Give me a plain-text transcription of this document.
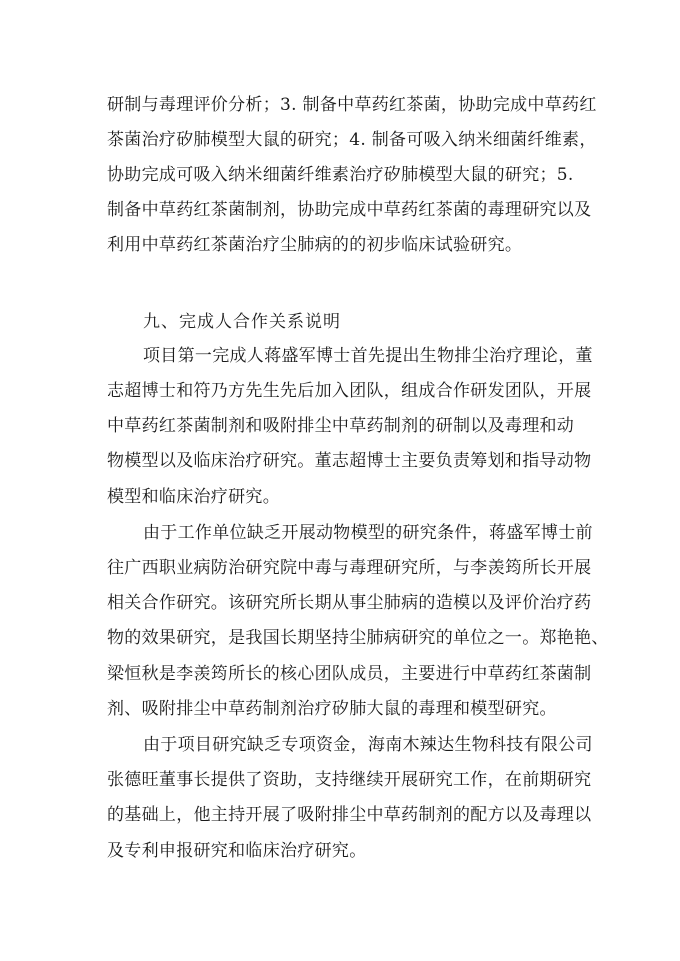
研制与毒理评价分析；3. 制备中草药红茶菌，协助完成中草药红
茶菌治疗矽肺模型大鼠的研究；4. 制备可吸入纳米细菌纤维素，
协助完成可吸入纳米细菌纤维素治疗矽肺模型大鼠的研究；5.
制备中草药红茶菌制剂，协助完成中草药红茶菌的毒理研究以及
利用中草药红茶菌治疗尘肺病的的初步临床试验研究。
九、完成人合作关系说明
项目第一完成人蒋盛军博士首先提出生物排尘治疗理论，董
志超博士和符乃方先生先后加入团队，组成合作研发团队，开展
中草药红茶菌制剂和吸附排尘中草药制剂的研制以及毒理和动
物模型以及临床治疗研究。董志超博士主要负责筹划和指导动物
模型和临床治疗研究。
由于工作单位缺乏开展动物模型的研究条件，蒋盛军博士前
往广西职业病防治研究院中毒与毒理研究所，与李羡筠所长开展
相关合作研究。该研究所长期从事尘肺病的造模以及评价治疗药
物的效果研究，是我国长期坚持尘肺病研究的单位之一。郑艳艳、
梁恒秋是李羡筠所长的核心团队成员，主要进行中草药红茶菌制
剂、吸附排尘中草药制剂治疗矽肺大鼠的毒理和模型研究。
由于项目研究缺乏专项资金，海南木辣达生物科技有限公司
张德旺董事长提供了资助，支持继续开展研究工作，在前期研究
的基础上，他主持开展了吸附排尘中草药制剂的配方以及毒理以
及专利申报研究和临床治疗研究。
